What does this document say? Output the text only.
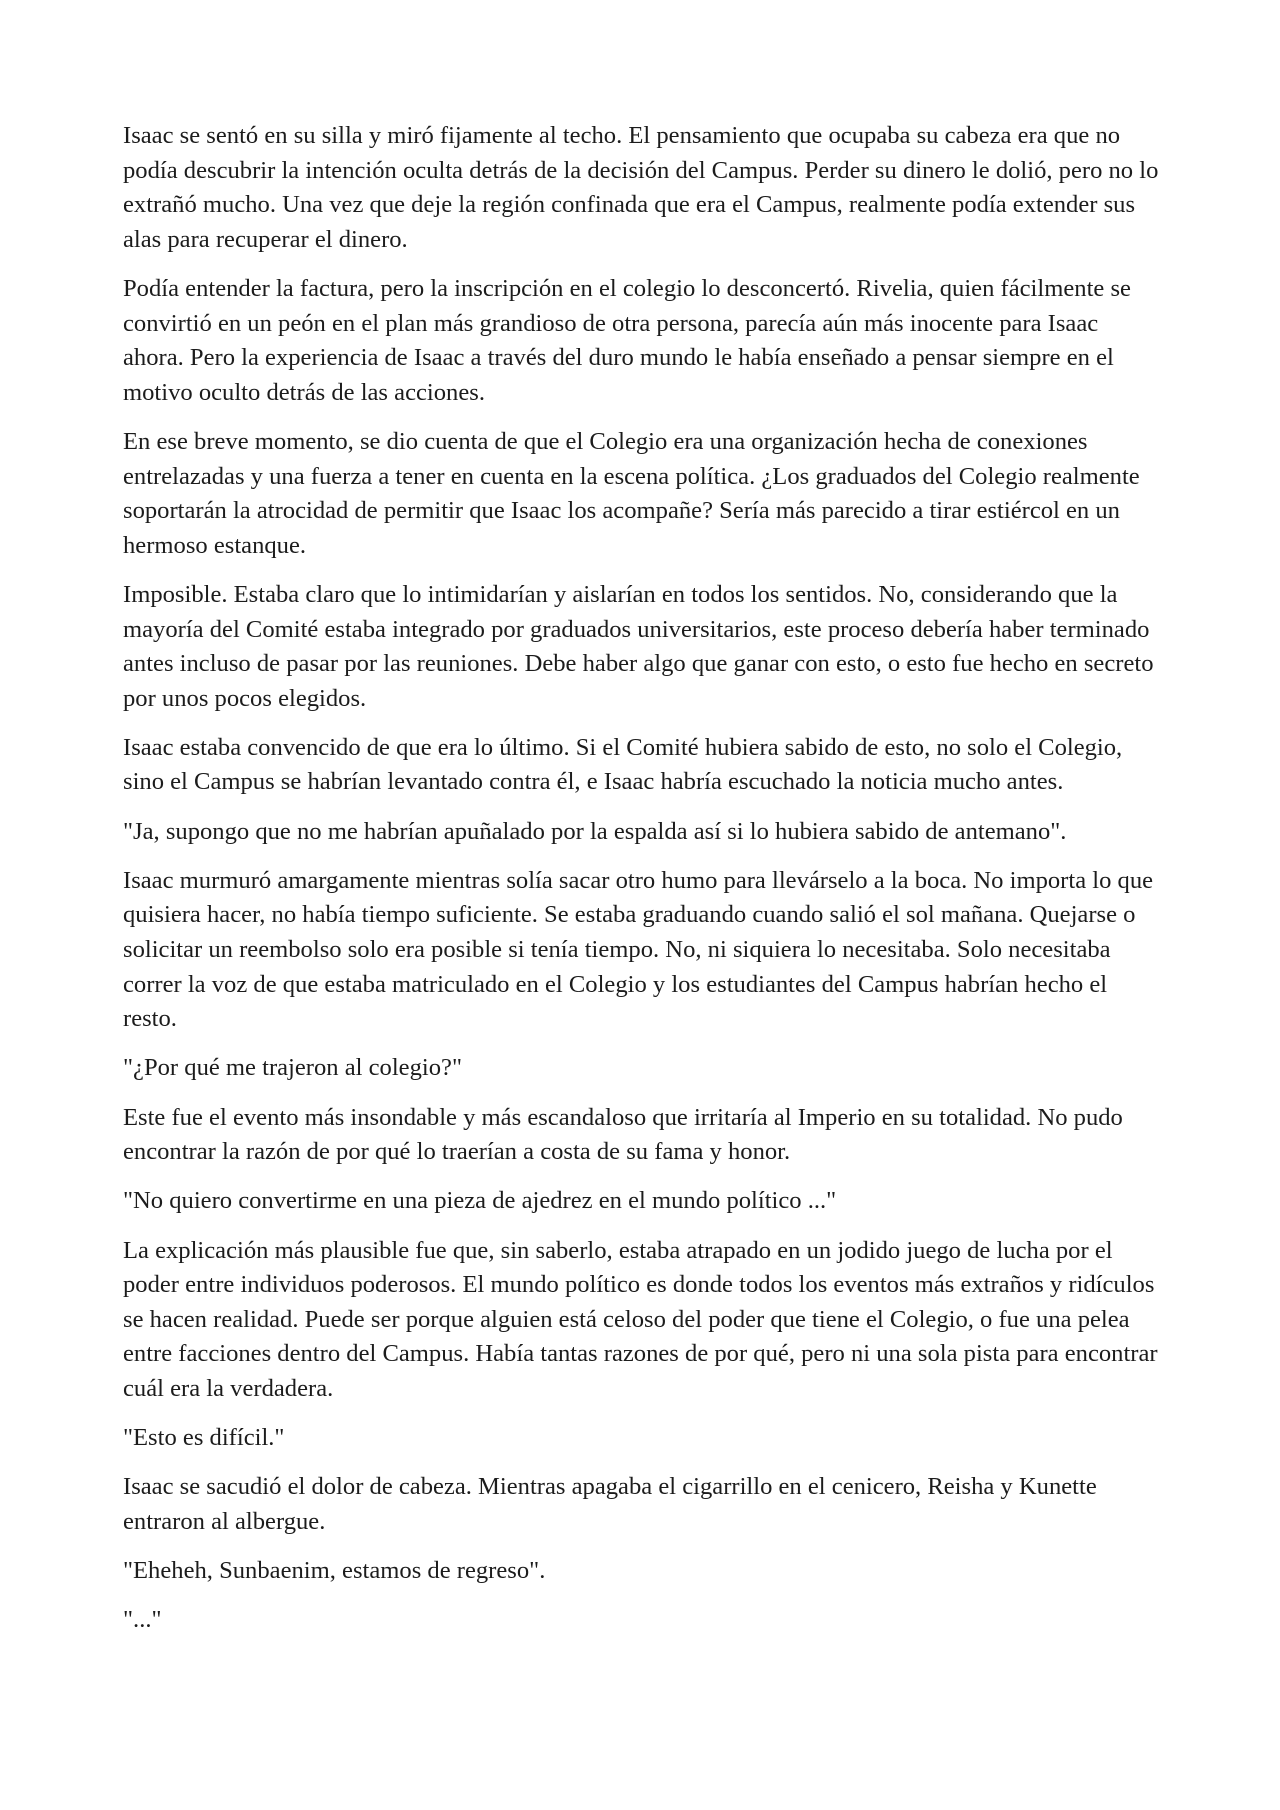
Isaac se sentó en su silla y miró fijamente al techo. El pensamiento que ocupaba su cabeza era que no podía descubrir la intención oculta detrás de la decisión del Campus. Perder su dinero le dolió, pero no lo extrañó mucho. Una vez que deje la región confinada que era el Campus, realmente podía extender sus alas para recuperar el dinero.

Podía entender la factura, pero la inscripción en el colegio lo desconcertó. Rivelia, quien fácilmente se convirtió en un peón en el plan más grandioso de otra persona, parecía aún más inocente para Isaac ahora. Pero la experiencia de Isaac a través del duro mundo le había enseñado a pensar siempre en el motivo oculto detrás de las acciones.

En ese breve momento, se dio cuenta de que el Colegio era una organización hecha de conexiones entrelazadas y una fuerza a tener en cuenta en la escena política. ¿Los graduados del Colegio realmente soportarán la atrocidad de permitir que Isaac los acompañe? Sería más parecido a tirar estiércol en un hermoso estanque.

Imposible. Estaba claro que lo intimidarían y aislarían en todos los sentidos. No, considerando que la mayoría del Comité estaba integrado por graduados universitarios, este proceso debería haber terminado antes incluso de pasar por las reuniones. Debe haber algo que ganar con esto, o esto fue hecho en secreto por unos pocos elegidos.

Isaac estaba convencido de que era lo último. Si el Comité hubiera sabido de esto, no solo el Colegio, sino el Campus se habrían levantado contra él, e Isaac habría escuchado la noticia mucho antes.

"Ja, supongo que no me habrían apuñalado por la espalda así si lo hubiera sabido de antemano".

Isaac murmuró amargamente mientras solía sacar otro humo para llevárselo a la boca. No importa lo que quisiera hacer, no había tiempo suficiente. Se estaba graduando cuando salió el sol mañana. Quejarse o solicitar un reembolso solo era posible si tenía tiempo. No, ni siquiera lo necesitaba. Solo necesitaba correr la voz de que estaba matriculado en el Colegio y los estudiantes del Campus habrían hecho el resto.

"¿Por qué me trajeron al colegio?"

Este fue el evento más insondable y más escandaloso que irritaría al Imperio en su totalidad. No pudo encontrar la razón de por qué lo traerían a costa de su fama y honor.

"No quiero convertirme en una pieza de ajedrez en el mundo político ..."

La explicación más plausible fue que, sin saberlo, estaba atrapado en un jodido juego de lucha por el poder entre individuos poderosos. El mundo político es donde todos los eventos más extraños y ridículos se hacen realidad. Puede ser porque alguien está celoso del poder que tiene el Colegio, o fue una pelea entre facciones dentro del Campus. Había tantas razones de por qué, pero ni una sola pista para encontrar cuál era la verdadera.

"Esto es difícil."

Isaac se sacudió el dolor de cabeza. Mientras apagaba el cigarrillo en el cenicero, Reisha y Kunette entraron al albergue.

"Eheheh, Sunbaenim, estamos de regreso".

"..."
